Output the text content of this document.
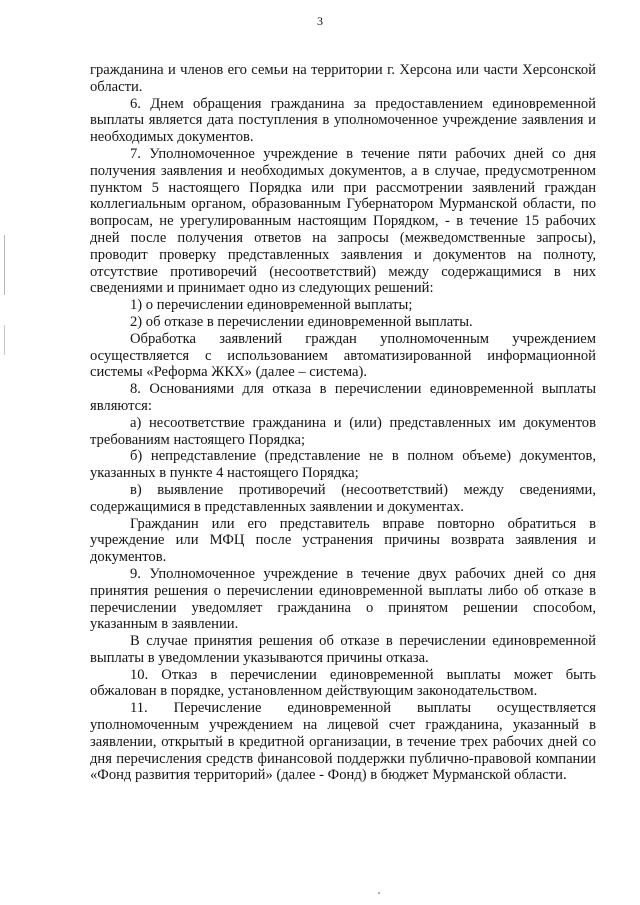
3

гражданина и членов его семьи на территории г. Херсона или части Херсонской области.

6. Днем обращения гражданина за предоставлением единовременной выплаты является дата поступления в уполномоченное учреждение заявления и необходимых документов.

7. Уполномоченное учреждение в течение пяти рабочих дней со дня получения заявления и необходимых документов, а в случае, предусмотренном пунктом 5 настоящего Порядка или при рассмотрении заявлений граждан коллегиальным органом, образованным Губернатором Мурманской области, по вопросам, не урегулированным настоящим Порядком, - в течение 15 рабочих дней после получения ответов на запросы (межведомственные запросы), проводит проверку представленных заявления и документов на полноту, отсутствие противоречий (несоответствий) между содержащимися в них сведениями и принимает одно из следующих решений:

1) о перечислении единовременной выплаты;

2) об отказе в перечислении единовременной выплаты.

Обработка заявлений граждан уполномоченным учреждением осуществляется с использованием автоматизированной информационной системы «Реформа ЖКХ» (далее – система).

8. Основаниями для отказа в перечислении единовременной выплаты являются:

а) несоответствие гражданина и (или) представленных им документов требованиям настоящего Порядка;

б) непредставление (представление не в полном объеме) документов, указанных в пункте 4 настоящего Порядка;

в) выявление противоречий (несоответствий) между сведениями, содержащимися в представленных заявлении и документах.

Гражданин или его представитель вправе повторно обратиться в учреждение или МФЦ после устранения причины возврата заявления и документов.

9. Уполномоченное учреждение в течение двух рабочих дней со дня принятия решения о перечислении единовременной выплаты либо об отказе в перечислении уведомляет гражданина о принятом решении способом, указанным в заявлении.

В случае принятия решения об отказе в перечислении единовременной выплаты в уведомлении указываются причины отказа.

10. Отказ в перечислении единовременной выплаты может быть обжалован в порядке, установленном действующим законодательством.

11. Перечисление единовременной выплаты осуществляется уполномоченным учреждением на лицевой счет гражданина, указанный в заявлении, открытый в кредитной организации, в течение трех рабочих дней со дня перечисления средств финансовой поддержки публично-правовой компании «Фонд развития территорий» (далее - Фонд) в бюджет Мурманской области.
